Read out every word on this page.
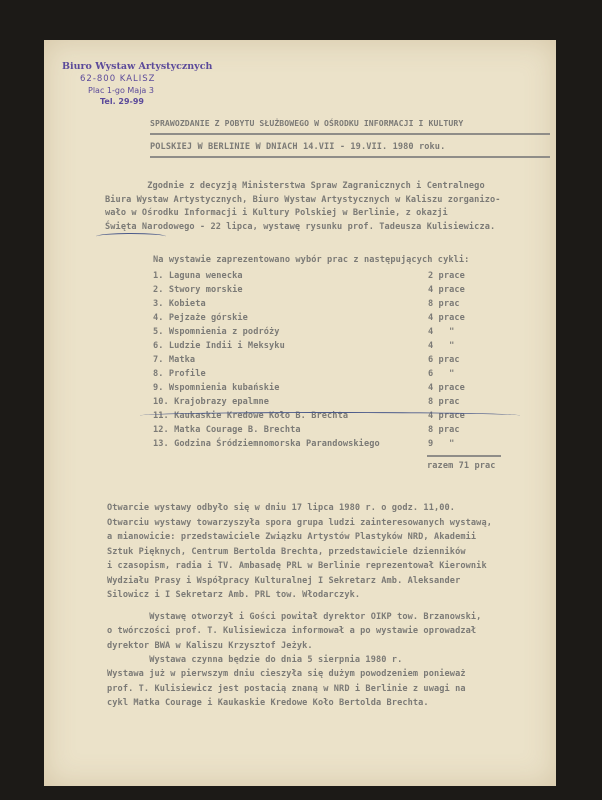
Biuro Wystaw Artystycznych
62-800 KALISZ
Plac 1-go Maja 3
Tel. 29-99
SPRAWOZDANIE Z POBYTU SŁUŻBOWEGO W OŚRODKU INFORMACJI I KULTURY
POLSKIEJ W BERLINIE W DNIACH 14.VII - 19.VII. 1980 roku.
Zgodnie z decyzją Ministerstwa Spraw Zagranicznych i Centralnego
Biura Wystaw Artystycznych, Biuro Wystaw Artystycznych w Kaliszu zorganizo-
wało w Ośrodku Informacji i Kultury Polskiej w Berlinie, z okazji
Święta Narodowego - 22 lipca, wystawę rysunku prof. Tadeusza Kulisiewicza.
Na wystawie zaprezentowano wybór prac z następujących cykli:
1. Laguna wenecka	2 prace
2. Stwory morskie	4 prace
3. Kobieta	8 prac
4. Pejzaże górskie	4 prace
5. Wspomnienia z podróży	4   "
6. Ludzie Indii i Meksyku	4   "
7. Matka	6 prac
8. Profile	6   "
9. Wspomnienia kubańskie	4 prace
10. Krajobrazy epalmne	8 prac
11. Kaukaskie Kredowe Koło B. Brechta	4 prace
12. Matka Courage B. Brechta	8 prac
13. Godzina Śródziemnomorska Parandowskiego	9   "
razem 71 prac
Otwarcie wystawy odbyło się w dniu 17 lipca 1980 r. o godz. 11,00.
Otwarciu wystawy towarzyszyła spora grupa ludzi zainteresowanych wystawą,
a mianowicie: przedstawiciele Związku Artystów Plastyków NRD, Akademii
Sztuk Pięknych, Centrum Bertolda Brechta, przedstawiciele dzienników
i czasopism, radia i TV. Ambasadę PRL w Berlinie reprezentował Kierownik
Wydziału Prasy i Współpracy Kulturalnej I Sekretarz Amb. Aleksander
Silowicz i I Sekretarz Amb. PRL tow. Włodarczyk.
Wystawę otworzył i Gości powitał dyrektor OIKP tow. Brzanowski,
o twórczości prof. T. Kulisiewicza informował a po wystawie oprowadzał
dyrektor BWA w Kaliszu Krzysztof Jeżyk.
Wystawa czynna będzie do dnia 5 sierpnia 1980 r.
Wystawa już w pierwszym dniu cieszyła się dużym powodzeniem ponieważ
prof. T. Kulisiewicz jest postacią znaną w NRD i Berlinie z uwagi na
cykl Matka Courage i Kaukaskie Kredowe Koło Bertolda Brechta.
